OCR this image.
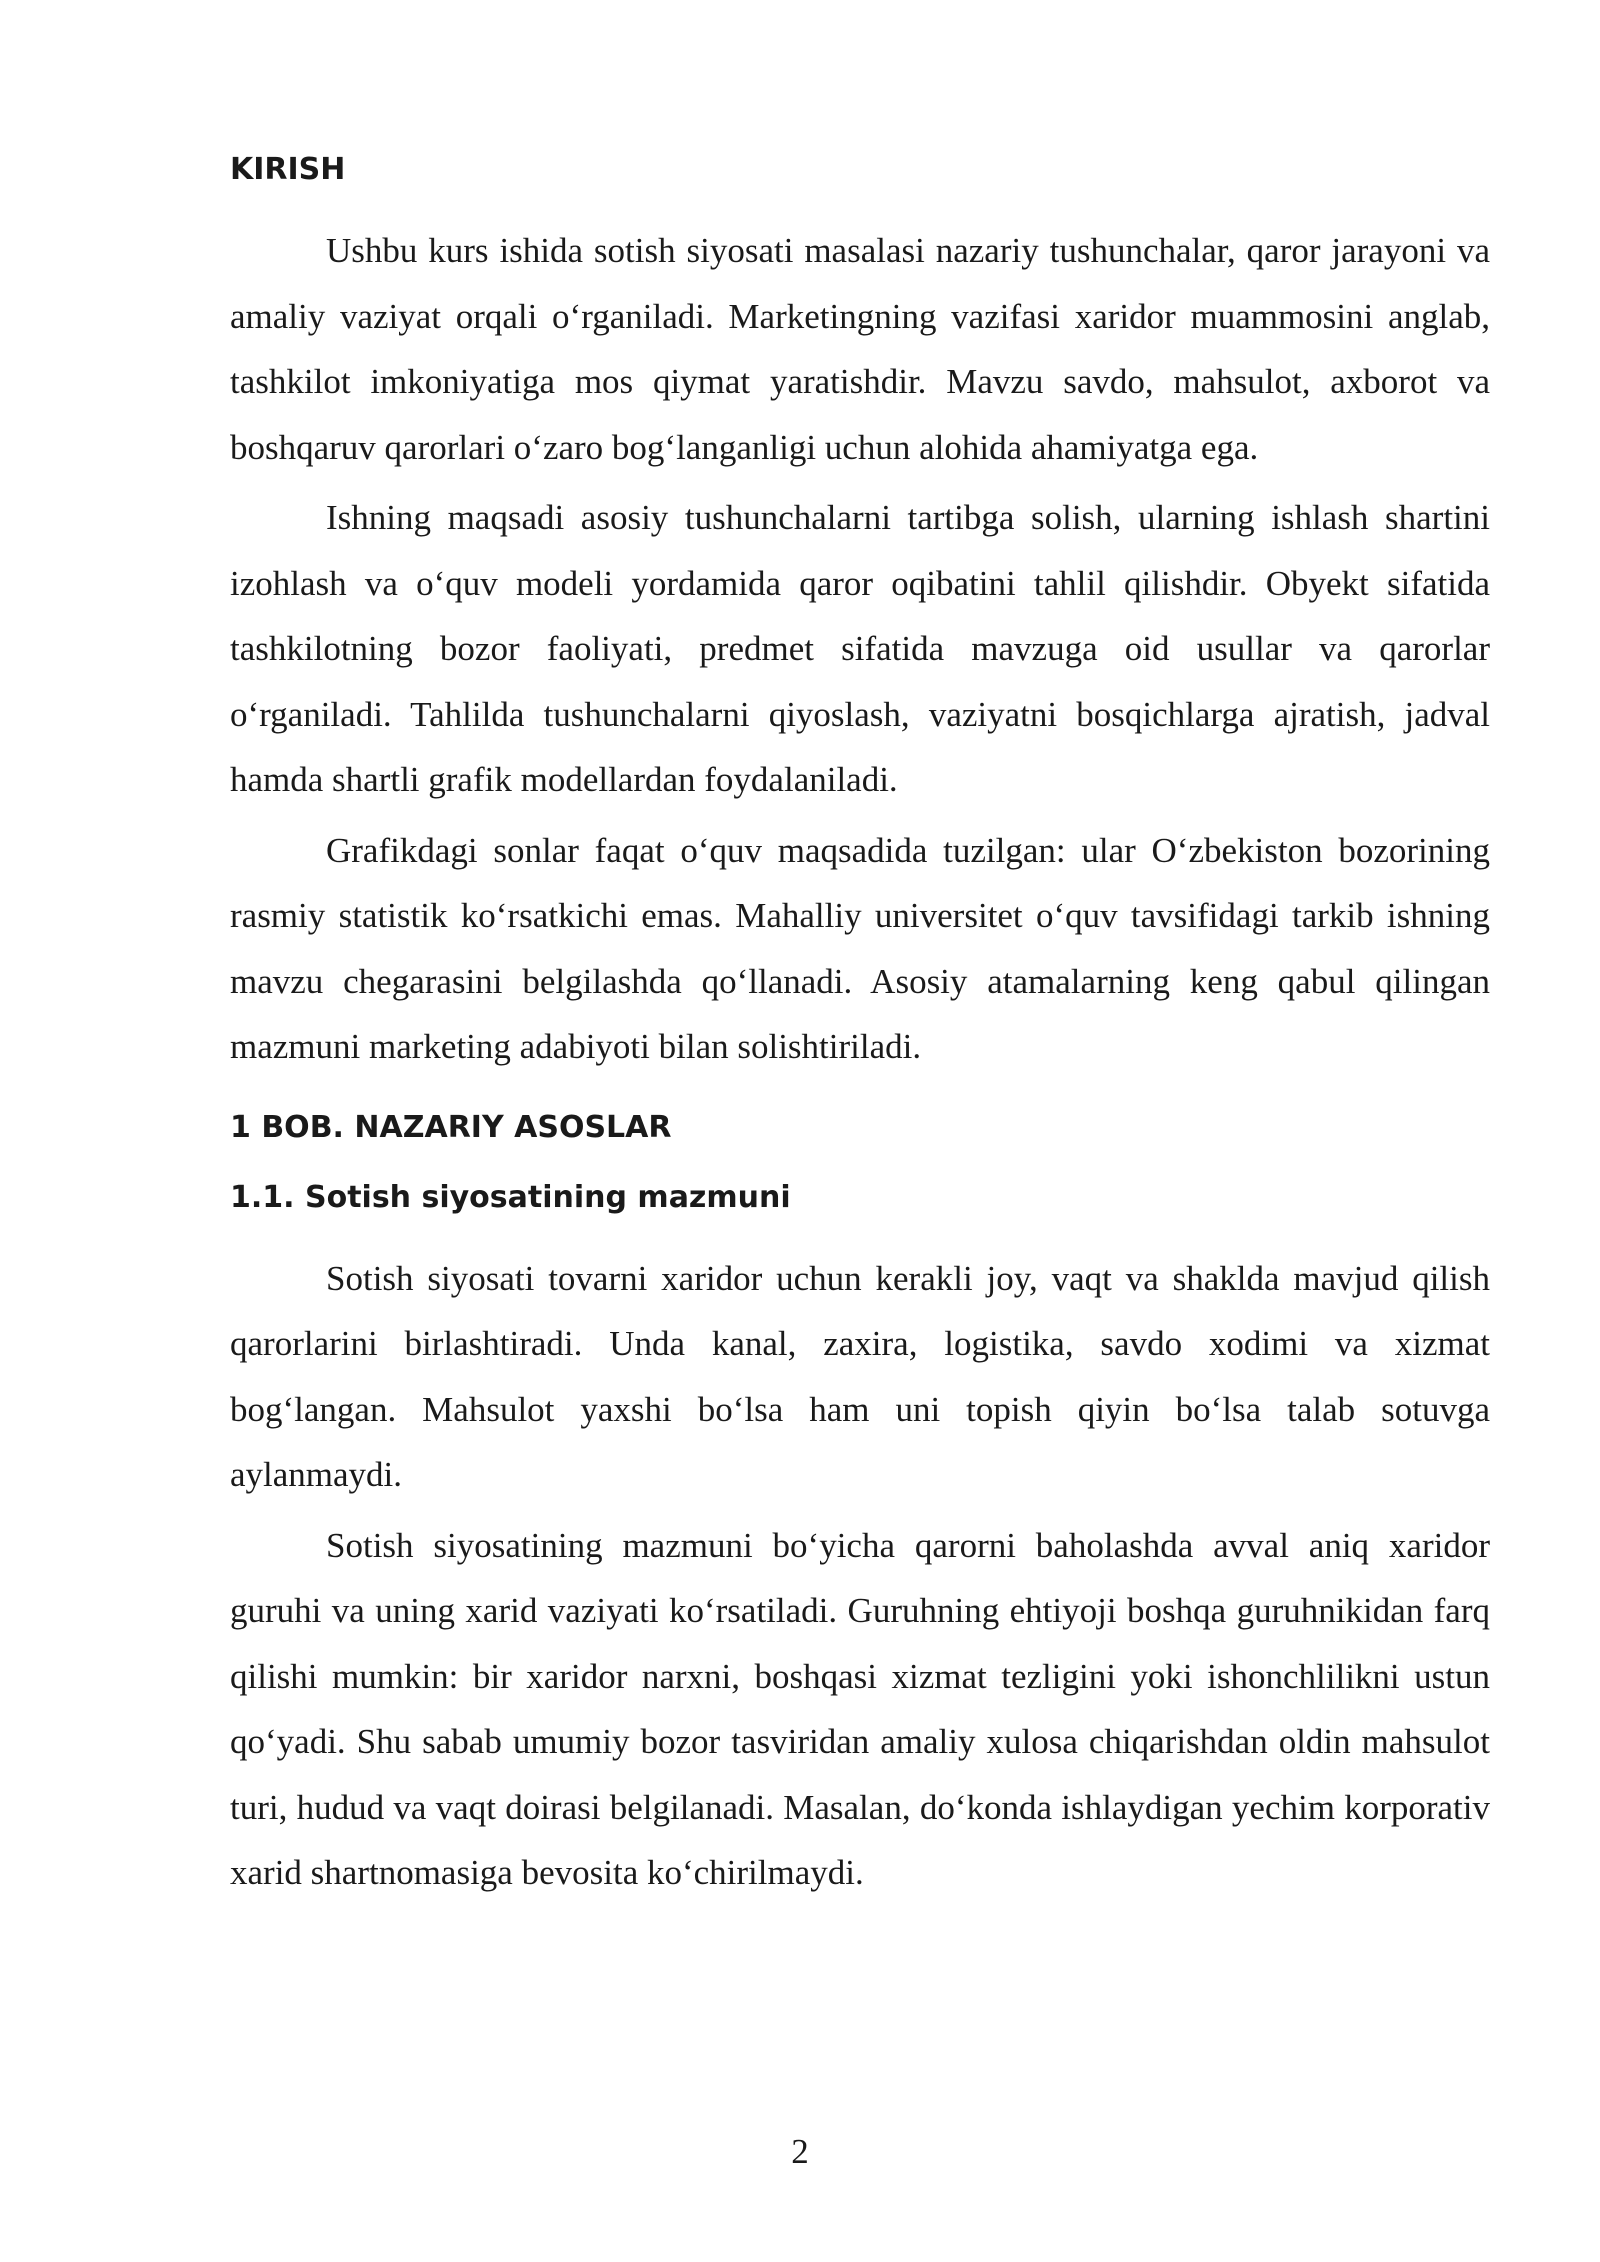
KIRISH

Ushbu kurs ishida sotish siyosati masalasi nazariy tushunchalar, qaror jarayoni va amaliy vaziyat orqali o‘rganiladi. Marketingning vazifasi xaridor muammosini anglab, tashkilot imkoniyatiga mos qiymat yaratishdir. Mavzu savdo, mahsulot, axborot va boshqaruv qarorlari o‘zaro bog‘langanligi uchun alohida ahamiyatga ega.

Ishning maqsadi asosiy tushunchalarni tartibga solish, ularning ishlash shartini izohlash va o‘quv modeli yordamida qaror oqibatini tahlil qilishdir. Obyekt sifatida tashkilotning bozor faoliyati, predmet sifatida mavzuga oid usullar va qarorlar o‘rganiladi. Tahlilda tushunchalarni qiyoslash, vaziyatni bosqichlarga ajratish, jadval hamda shartli grafik modellardan foydalaniladi.

Grafikdagi sonlar faqat o‘quv maqsadida tuzilgan: ular O‘zbekiston bozorining rasmiy statistik ko‘rsatkichi emas. Mahalliy universitet o‘quv tavsifidagi tarkib ishning mavzu chegarasini belgilashda qo‘llanadi. Asosiy atamalarning keng qabul qilingan mazmuni marketing adabiyoti bilan solishtiriladi.

1 BOB. NAZARIY ASOSLAR
1.1. Sotish siyosatining mazmuni

Sotish siyosati tovarni xaridor uchun kerakli joy, vaqt va shaklda mavjud qilish qarorlarini birlashtiradi. Unda kanal, zaxira, logistika, savdo xodimi va xizmat bog‘langan. Mahsulot yaxshi bo‘lsa ham uni topish qiyin bo‘lsa talab sotuvga aylanmaydi.

Sotish siyosatining mazmuni bo‘yicha qarorni baholashda avval aniq xaridor guruhi va uning xarid vaziyati ko‘rsatiladi. Guruhning ehtiyoji boshqa guruhnikidan farq qilishi mumkin: bir xaridor narxni, boshqasi xizmat tezligini yoki ishonchlilikni ustun qo‘yadi. Shu sabab umumiy bozor tasviridan amaliy xulosa chiqarishdan oldin mahsulot turi, hudud va vaqt doirasi belgilanadi. Masalan, do‘konda ishlaydigan yechim korporativ xarid shartnomasiga bevosita ko‘chirilmaydi.

2
